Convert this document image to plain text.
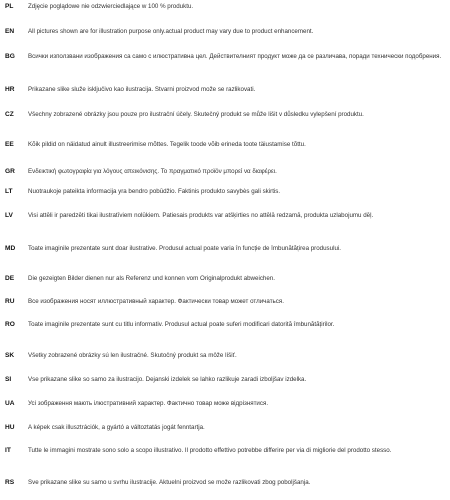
PL Zdjęcie poglądowe nie odzwierciedlające w 100 % produktu.
EN All pictures shown are for illustration purpose only.actual product may vary due to product enhancement.
BG Всички използвани изображения са само с илюстративна цел. Действителният продукт може да се различава, поради технически подобрения.
HR Prikazane slike služe isključivo kao ilustracija. Stvarni proizvod može se razlikovati.
CZ Všechny zobrazené obrázky jsou pouze pro ilustrační účely. Skutečný produkt se může lišit v důsledku vylepšení produktu.
EE Kõik pildid on näidatud ainult illustreerimise mõttes. Tegelik toode võib erineda toote täiustamise tõttu.
GR Ενδεικτική φωτογραφία για λόγους απεικόνισης. Το πραγματικό προϊόν μπορεί να διαφέρει.
LT Nuotraukoje pateikta informacija yra bendro pobūdžio. Faktinis produkto savybės gali skirtis.
LV Visi attēli ir paredzēti tikai ilustratīviem nolūkiem. Patiesais produkts var atšķirties no attēlā redzamā, produkta uzlabojumu dēļ.
MD Toate imaginile prezentate sunt doar ilustrative. Produsul actual poate varia în funcție de îmbunătățirea produsului.
DE Die gezeigten Bilder dienen nur als Referenz und konnen vom Originalprodukt abweichen.
RU Все изображения носят иллюстративный характер. Фактически товар может отличаться.
RO Toate imaginile prezentate sunt cu titlu informativ. Produsul actual poate suferi modificari datorită îmbunătățirilor.
SK Všetky zobrazené obrázky sú len ilustračné. Skutočný produkt sa môže líšiť.
SI	Vse prikazane slike so samo za ilustracijo. Dejanski izdelek se lahko razlikuje zaradi izboljšav izdelka.
UA Усі зображення мають ілюстративний характер. Фактично товар може відрізнятися.
HU A képek csak illusztrációk, a gyártó a változtatás jogát fenntartja.
IT	Tutte le immagini mostrate sono solo a scopo illustrativo. Il prodotto effettivo potrebbe differire per via di migliorie del prodotto stesso.
RS Sve prikazane slike su samo u svrhu ilustracije. Aktuelni proizvod se može razlikovati zbog poboljšanja.
